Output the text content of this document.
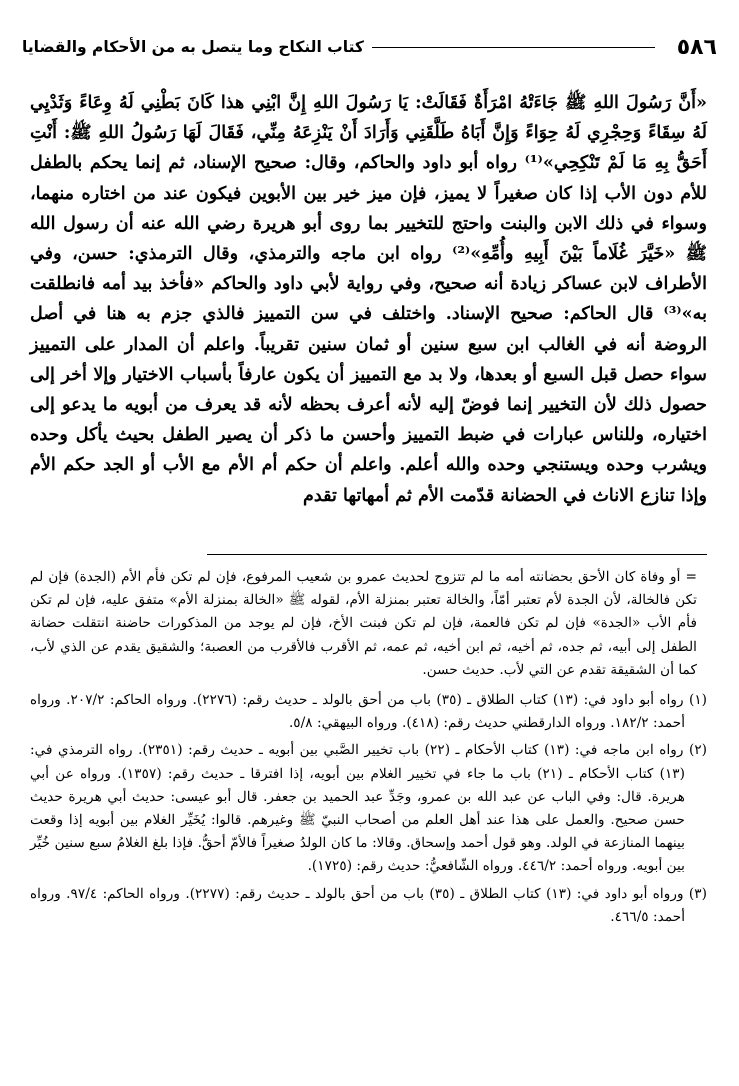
٥٨٦
كتاب النكاح وما يتصل به من الأحكام والقضايا

«أَنَّ رَسُولَ اللهِ ﷺ جَاءَتْهُ امْرَأَةٌ فَقَالَتْ: يَا رَسُولَ اللهِ إِنَّ ابْنِي هذا كَانَ بَطْنِي لَهُ وِعَاءً وَثَدْيِي لَهُ سِقَاءً وَحِجْرِي لَهُ حِوَاءً وَإِنَّ أَبَاهُ طَلَّقَنِي وَأَرَادَ أَنْ يَنْزِعَهُ مِنِّي، فَقَالَ لَهَا رَسُولُ اللهِ ﷺ: أَنْتِ أَحَقُّ بِهِ مَا لَمْ تَنْكِحِي»⁽¹⁾ رواه أبو داود والحاكم، وقال: صحيح الإسناد، ثم إنما يحكم بالطفل للأم دون الأب إذا كان صغيراً لا يميز، فإن ميز خير بين الأبوين فيكون عند من اختاره منهما، وسواء في ذلك الابن والبنت واحتج للتخيير بما روى أبو هريرة رضي الله عنه أن رسول الله ﷺ «خَيَّرَ غُلَاماً بَيْنَ أَبِيهِ وأُمِّهِ»⁽²⁾ رواه ابن ماجه والترمذي، وقال الترمذي: حسن، وفي الأطراف لابن عساكر زيادة أنه صحيح، وفي رواية لأبي داود والحاكم «فأخذ بيد أمه فانطلقت به»⁽³⁾ قال الحاكم: صحيح الإسناد. واختلف في سن التمييز فالذي جزم به هنا في أصل الروضة أنه في الغالب ابن سبع سنين أو ثمان سنين تقريباً. واعلم أن المدار على التمييز سواء حصل قبل السبع أو بعدها، ولا بد مع التمييز أن يكون عارفاً بأسباب الاختيار وإلا أخر إلى حصول ذلك لأن التخيير إنما فوضّ إليه لأنه أعرف بحظه لأنه قد يعرف من أبويه ما يدعو إلى اختياره، وللناس عبارات في ضبط التمييز وأحسن ما ذكر أن يصير الطفل بحيث يأكل وحده ويشرب وحده ويستنجي وحده والله أعلم. واعلم أن حكم أم الأم مع الأب أو الجد حكم الأم وإذا تنازع الاناث في الحضانة قدّمت الأم ثم أمهاتها تقدم

= أو وفاة كان الأحق بحضانته أمه ما لم تتزوج لحديث عمرو بن شعيب المرفوع، فإن لم تكن فأم الأم (الجدة) فإن لم تكن فالخالة، لأن الجدة لأم تعتبر أمّاً، والخالة تعتبر بمنزلة الأم، لقوله ﷺ «الخالة بمنزلة الأم» متفق عليه، فإن لم تكن فأم الأب «الجدة» فإن لم تكن فالعمة، فإن لم تكن فبنت الأخ، فإن لم يوجد من المذكورات حاضنة انتقلت حضانة الطفل إلى أبيه، ثم جده، ثم أخيه، ثم ابن أخيه، ثم عمه، ثم الأقرب فالأقرب من العصبة؛ والشقيق يقدم عن الذي لأب، كما أن الشقيقة تقدم عن التي لأب. حديث حسن.

(١) رواه أبو داود في: (١٣) كتاب الطلاق ـ (٣٥) باب من أحق بالولد ـ حديث رقم: (٢٢٧٦). ورواه الحاكم: ٢٠٧/٢. ورواه أحمد: ١٨٢/٢. ورواه الدارقطني حديث رقم: (٤١٨). ورواه البيهقي: ٥/٨.

(٢) رواه ابن ماجه في: (١٣) كتاب الأحكام ـ (٢٢) باب تخيير الصَّبي بين أبويه ـ حديث رقم: (٢٣٥١). رواه الترمذي في: (١٣) كتاب الأحكام ـ (٢١) باب ما جاء في تخيير الغلام بين أبويه، إذا افترقا ـ حديث رقم: (١٣٥٧). ورواه عن أبي هريرة. قال: وفي الباب عن عبد الله بن عمرو، وجَدِّ عبد الحميد بن جعفر. قال أبو عيسى: حديث أبي هريرة حديث حسن صحيح. والعمل على هذا عند أهل العلم من أصحاب النبيّ ﷺ وغيرهم. قالوا: يُخَيِّر الغلام بين أبويه إذا وقعت بينهما المنازعة في الولد. وهو قول أحمد وإسحاق. وقالا: ما كان الولدُ صغيراً فالأمّ أحقُّ. فإذا بلغ الغلامُ سبع سنين خُيِّر بين أبويه. ورواه أحمد: ٤٤٦/٢. ورواه الشّافعيُّ: حديث رقم: (١٧٢٥).

(٣) ورواه أبو داود في: (١٣) كتاب الطلاق ـ (٣٥) باب من أحق بالولد ـ حديث رقم: (٢٢٧٧). ورواه الحاكم: ٩٧/٤. ورواه أحمد: ٤٦٦/٥.
